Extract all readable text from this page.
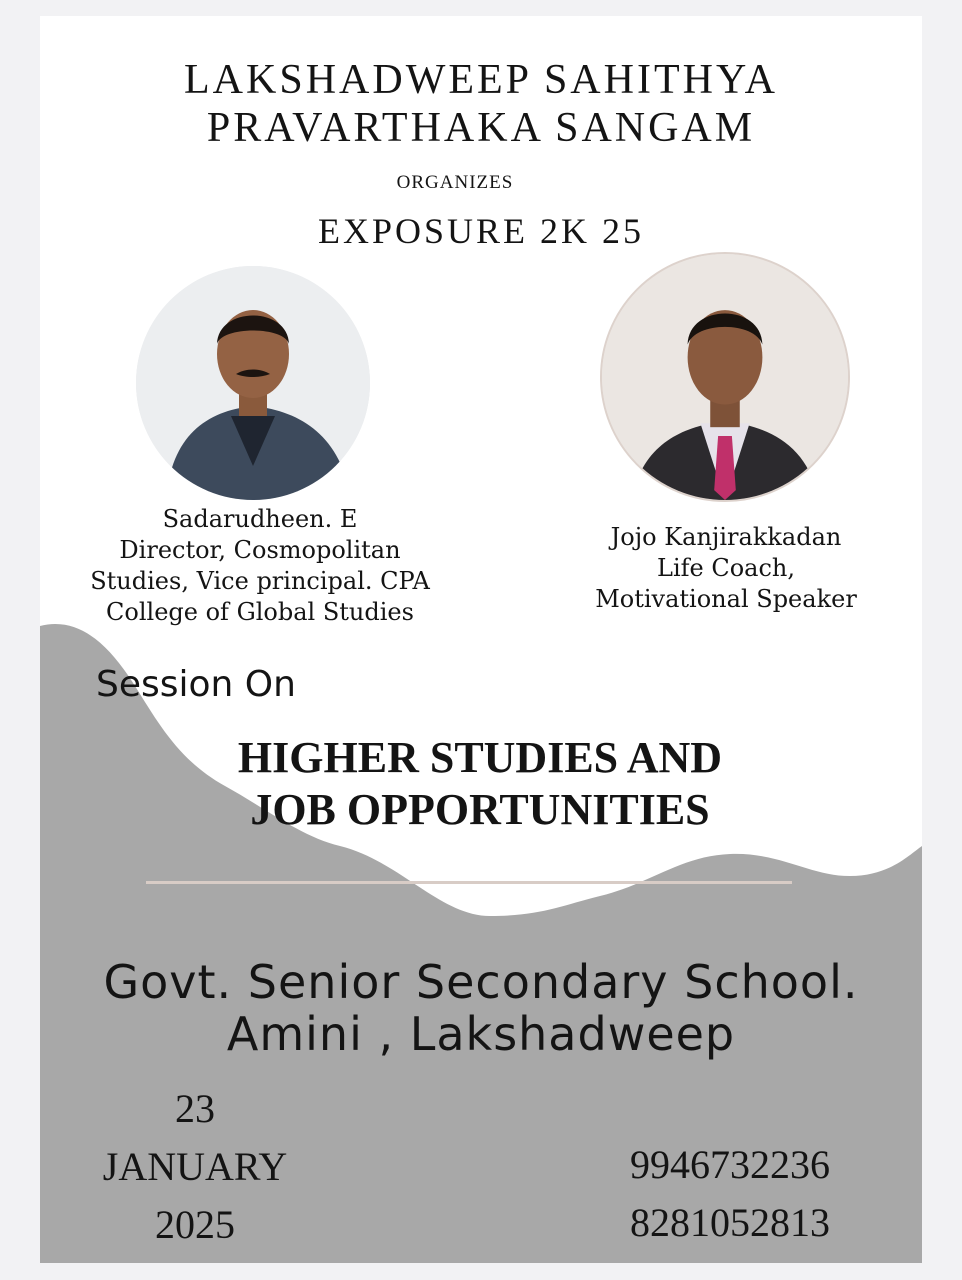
LAKSHADWEEP SAHITHYA
PRAVARTHAKA SANGAM
ORGANIZES
EXPOSURE 2K 25
Sadarudheen. E
Director, Cosmopolitan
Studies, Vice principal. CPA
College of Global Studies
Jojo Kanjirakkadan
Life Coach,
Motivational Speaker
Session On
HIGHER STUDIES AND
JOB OPPORTUNITIES
Govt. Senior Secondary School.
Amini , Lakshadweep
23
JANUARY
2025
9946732236
8281052813
